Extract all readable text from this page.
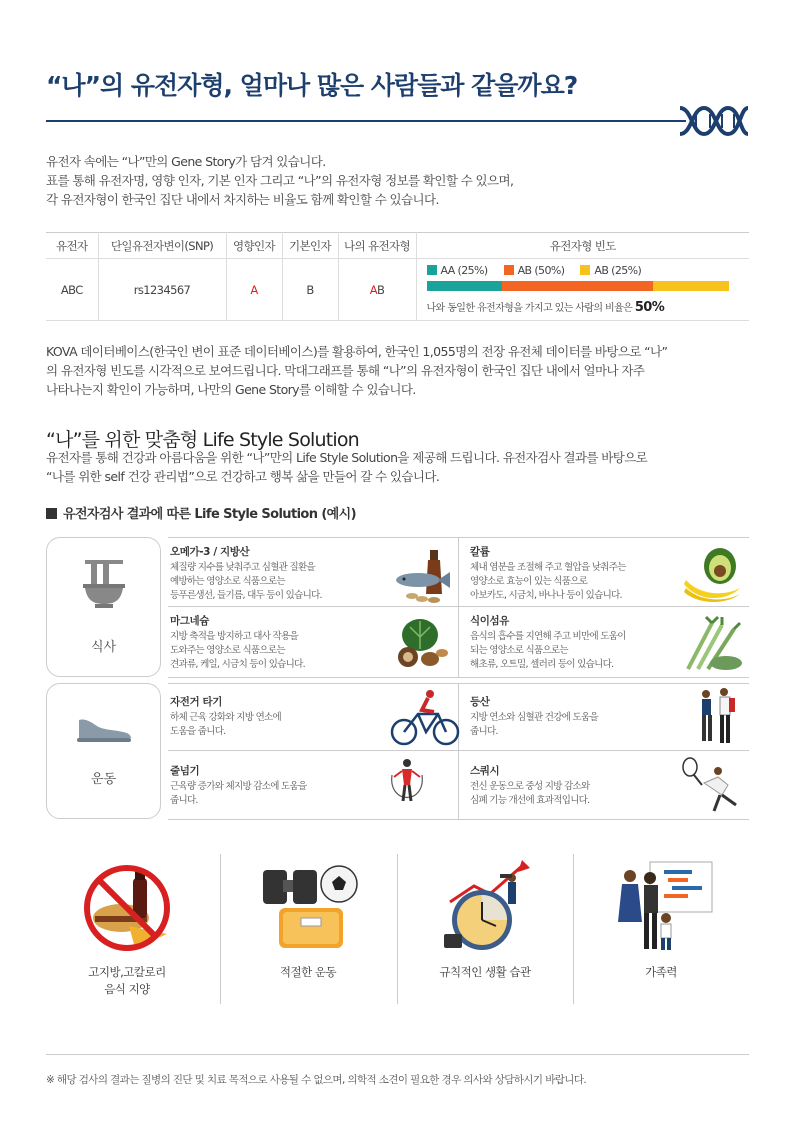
“나”의 유전자형, 얼마나 많은 사람들과 같을까요?
유전자 속에는 “나”만의 Gene Story가 담겨 있습니다.
표를 통해 유전자명, 영향 인자, 기본 인자 그리고 “나”의 유전자형 정보를 확인할 수 있으며,
각 유전자형이 한국인 집단 내에서 차지하는 비율도 함께 확인할 수 있습니다.
유전자	단일유전자변이(SNP)	영향인자	기본인자	나의 유전자형	유전자형 빈도
ABC	rs1234567	A	B	AB	AA (25%) AB (50%) AB (25%)
나와 동일한 유전자형을 가지고 있는 사람의 비율은 50%
KOVA 데이터베이스(한국인 변이 표준 데이터베이스)를 활용하여, 한국인 1,055명의 전장 유전체 데이터를 바탕으로 “나”
의 유전자형 빈도를 시각적으로 보여드립니다. 막대그래프를 통해 “나”의 유전자형이 한국인 집단 내에서 얼마나 자주
나타나는지 확인이 가능하며, 나만의 Gene Story를 이해할 수 있습니다.
“나”를 위한 맞춤형 Life Style Solution
유전자를 통해 건강과 아름다움을 위한 “나”만의 Life Style Solution을 제공해 드립니다. 유전자검사 결과를 바탕으로
“나를 위한 self 건강 관리법”으로 건강하고 행복 삶을 만들어 갈 수 있습니다.
유전자검사 결과에 따른 Life Style Solution (예시)
식사
오메가-3 / 지방산
체질량 지수를 낮춰주고 심혈관 질환을
예방하는 영양소로 식품으로는
등푸른생선, 들기름, 대두 등이 있습니다.
칼륨
체내 염분을 조절해 주고 혈압을 낮춰주는
영양소로 효능이 있는 식품으로
아보카도, 시금치, 바나나 등이 있습니다.
마그네슘
지방 축적을 방지하고 대사 작용을
도와주는 영양소로 식품으로는
견과류, 케일, 시금치 등이 있습니다.
식이섬유
음식의 흡수를 지연해 주고 비만에 도움이
되는 영양소로 식품으로는
해초류, 오트밀, 셀러리 등이 있습니다.
운동
자전거 타기
하체 근육 강화와 지방 연소에
도움을 줍니다.
등산
지방 연소와 심혈관 건강에 도움을
줍니다.
줄넘기
근육량 증가와 체지방 감소에 도움을
줍니다.
스쿼시
전신 운동으로 중성 지방 감소와
심폐 기능 개선에 효과적입니다.
고지방,고칼로리
음식 지양
적절한 운동	규칙적인 생활 습관	가족력
※ 해당 검사의 결과는 질병의 진단 및 치료 목적으로 사용될 수 없으며, 의학적 소견이 필요한 경우 의사와 상담하시기 바랍니다.
